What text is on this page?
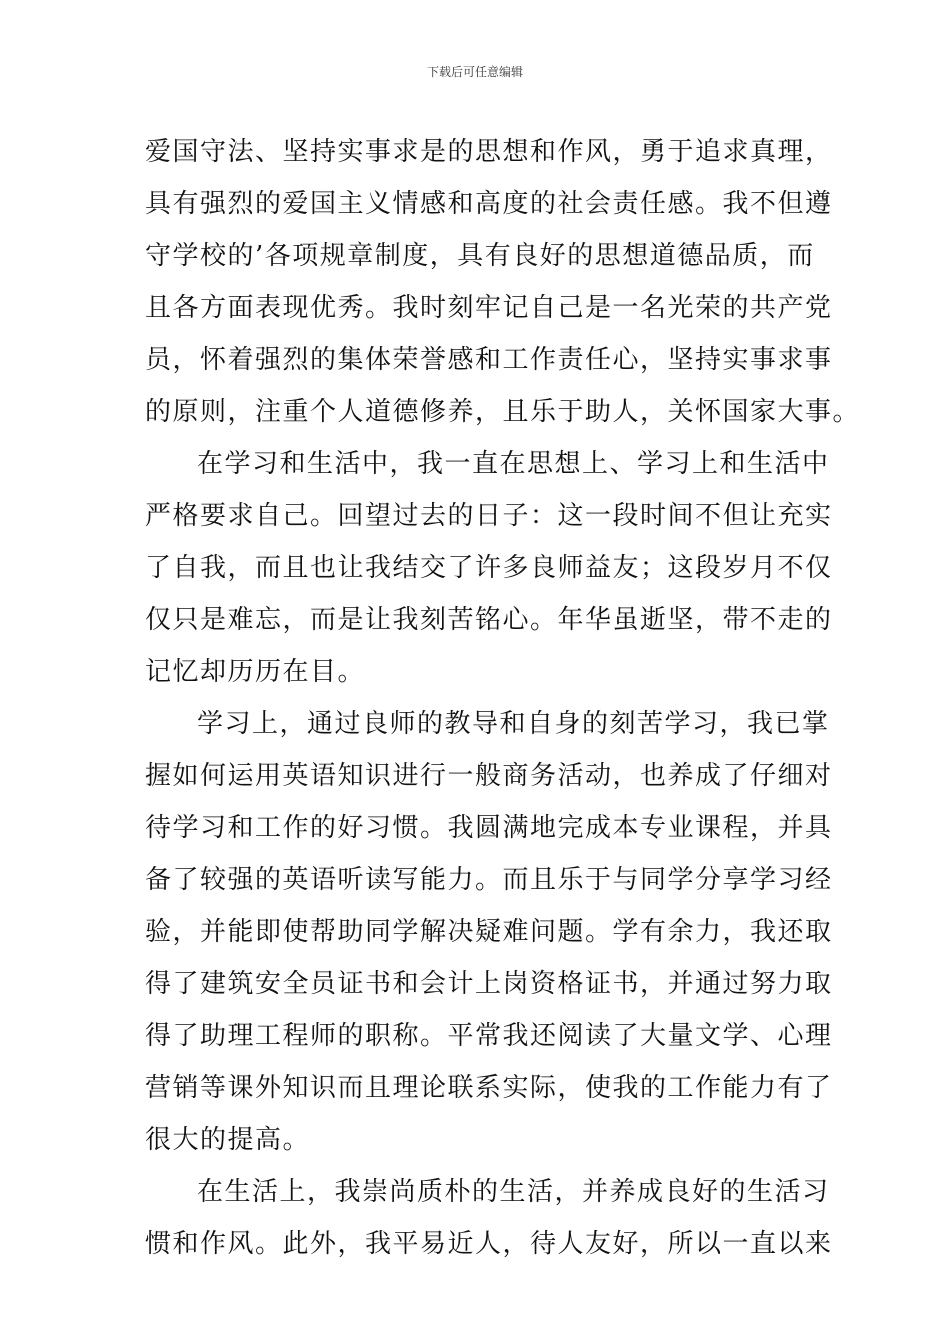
下载后可任意编辑
爱国守法、坚持实事求是的思想和作风，勇于追求真理，
具有强烈的爱国主义情感和高度的社会责任感。我不但遵
守学校的’各项规章制度，具有良好的思想道德品质，而
且各方面表现优秀。我时刻牢记自己是一名光荣的共产党
员，怀着强烈的集体荣誉感和工作责任心，坚持实事求事
的原则，注重个人道德修养，且乐于助人，关怀国家大事。
在学习和生活中，我一直在思想上、学习上和生活中
严格要求自己。回望过去的日子：这一段时间不但让充实
了自我，而且也让我结交了许多良师益友；这段岁月不仅
仅只是难忘，而是让我刻苦铭心。年华虽逝坚，带不走的
记忆却历历在目。
学习上，通过良师的教导和自身的刻苦学习，我已掌
握如何运用英语知识进行一般商务活动，也养成了仔细对
待学习和工作的好习惯。我圆满地完成本专业课程，并具
备了较强的英语听读写能力。而且乐于与同学分享学习经
验，并能即使帮助同学解决疑难问题。学有余力，我还取
得了建筑安全员证书和会计上岗资格证书，并通过努力取
得了助理工程师的职称。平常我还阅读了大量文学、心理
营销等课外知识而且理论联系实际，使我的工作能力有了
很大的提高。
在生活上，我崇尚质朴的生活，并养成良好的生活习
惯和作风。此外，我平易近人，待人友好，所以一直以来
